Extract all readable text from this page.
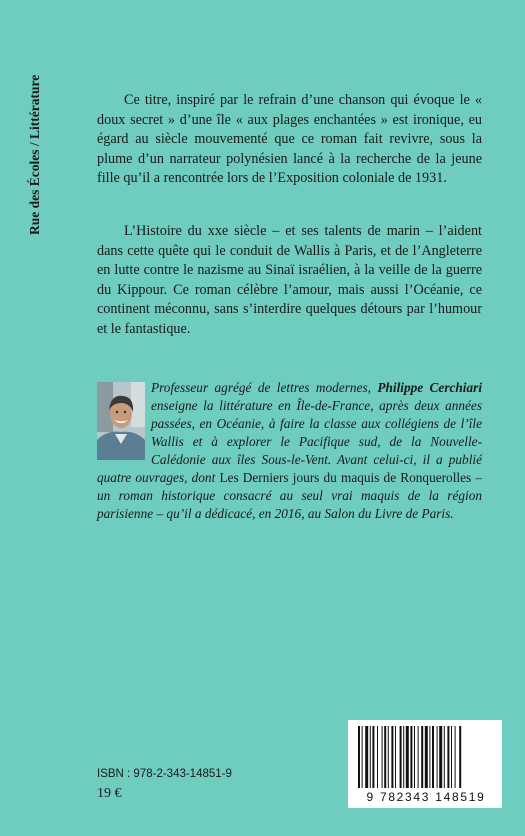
Rue des Écoles / Littérature	Ce titre, inspiré par le refrain d’une chanson qui évoque le « doux secret » d’une île « aux plages enchantées » est ironique, eu égard au siècle mouvementé que ce roman fait revivre, sous la plume d’un narrateur polynésien lancé à la recherche de la jeune fille qu’il a rencontrée lors de l’Exposition coloniale de 1931.

L’Histoire du xxe siècle – et ses talents de marin – l’aident dans cette quête qui le conduit de Wallis à Paris, et de l’Angleterre en lutte contre le nazisme au Sinaï israélien, à la veille de la guerre du Kippour. Ce roman célèbre l’amour, mais aussi l’Océanie, ce continent méconnu, sans s’interdire quelques détours par l’humour et le fantastique.

Professeur agrégé de lettres modernes, Philippe Cerchiari enseigne la littérature en Île-de-France, après deux années passées, en Océanie, à faire la classe aux collégiens de l’île Wallis et à explorer le Pacifique sud, de la Nouvelle-Calédonie aux îles Sous-le-Vent. Avant celui-ci, il a publié quatre ouvrages, dont Les Derniers jours du maquis de Ronquerolles – un roman historique consacré au seul vrai maquis de la région parisienne – qu’il a dédicacé, en 2016, au Salon du Livre de Paris.
9 782343 148519
ISBN : 978-2-343-14851-9
19 €
